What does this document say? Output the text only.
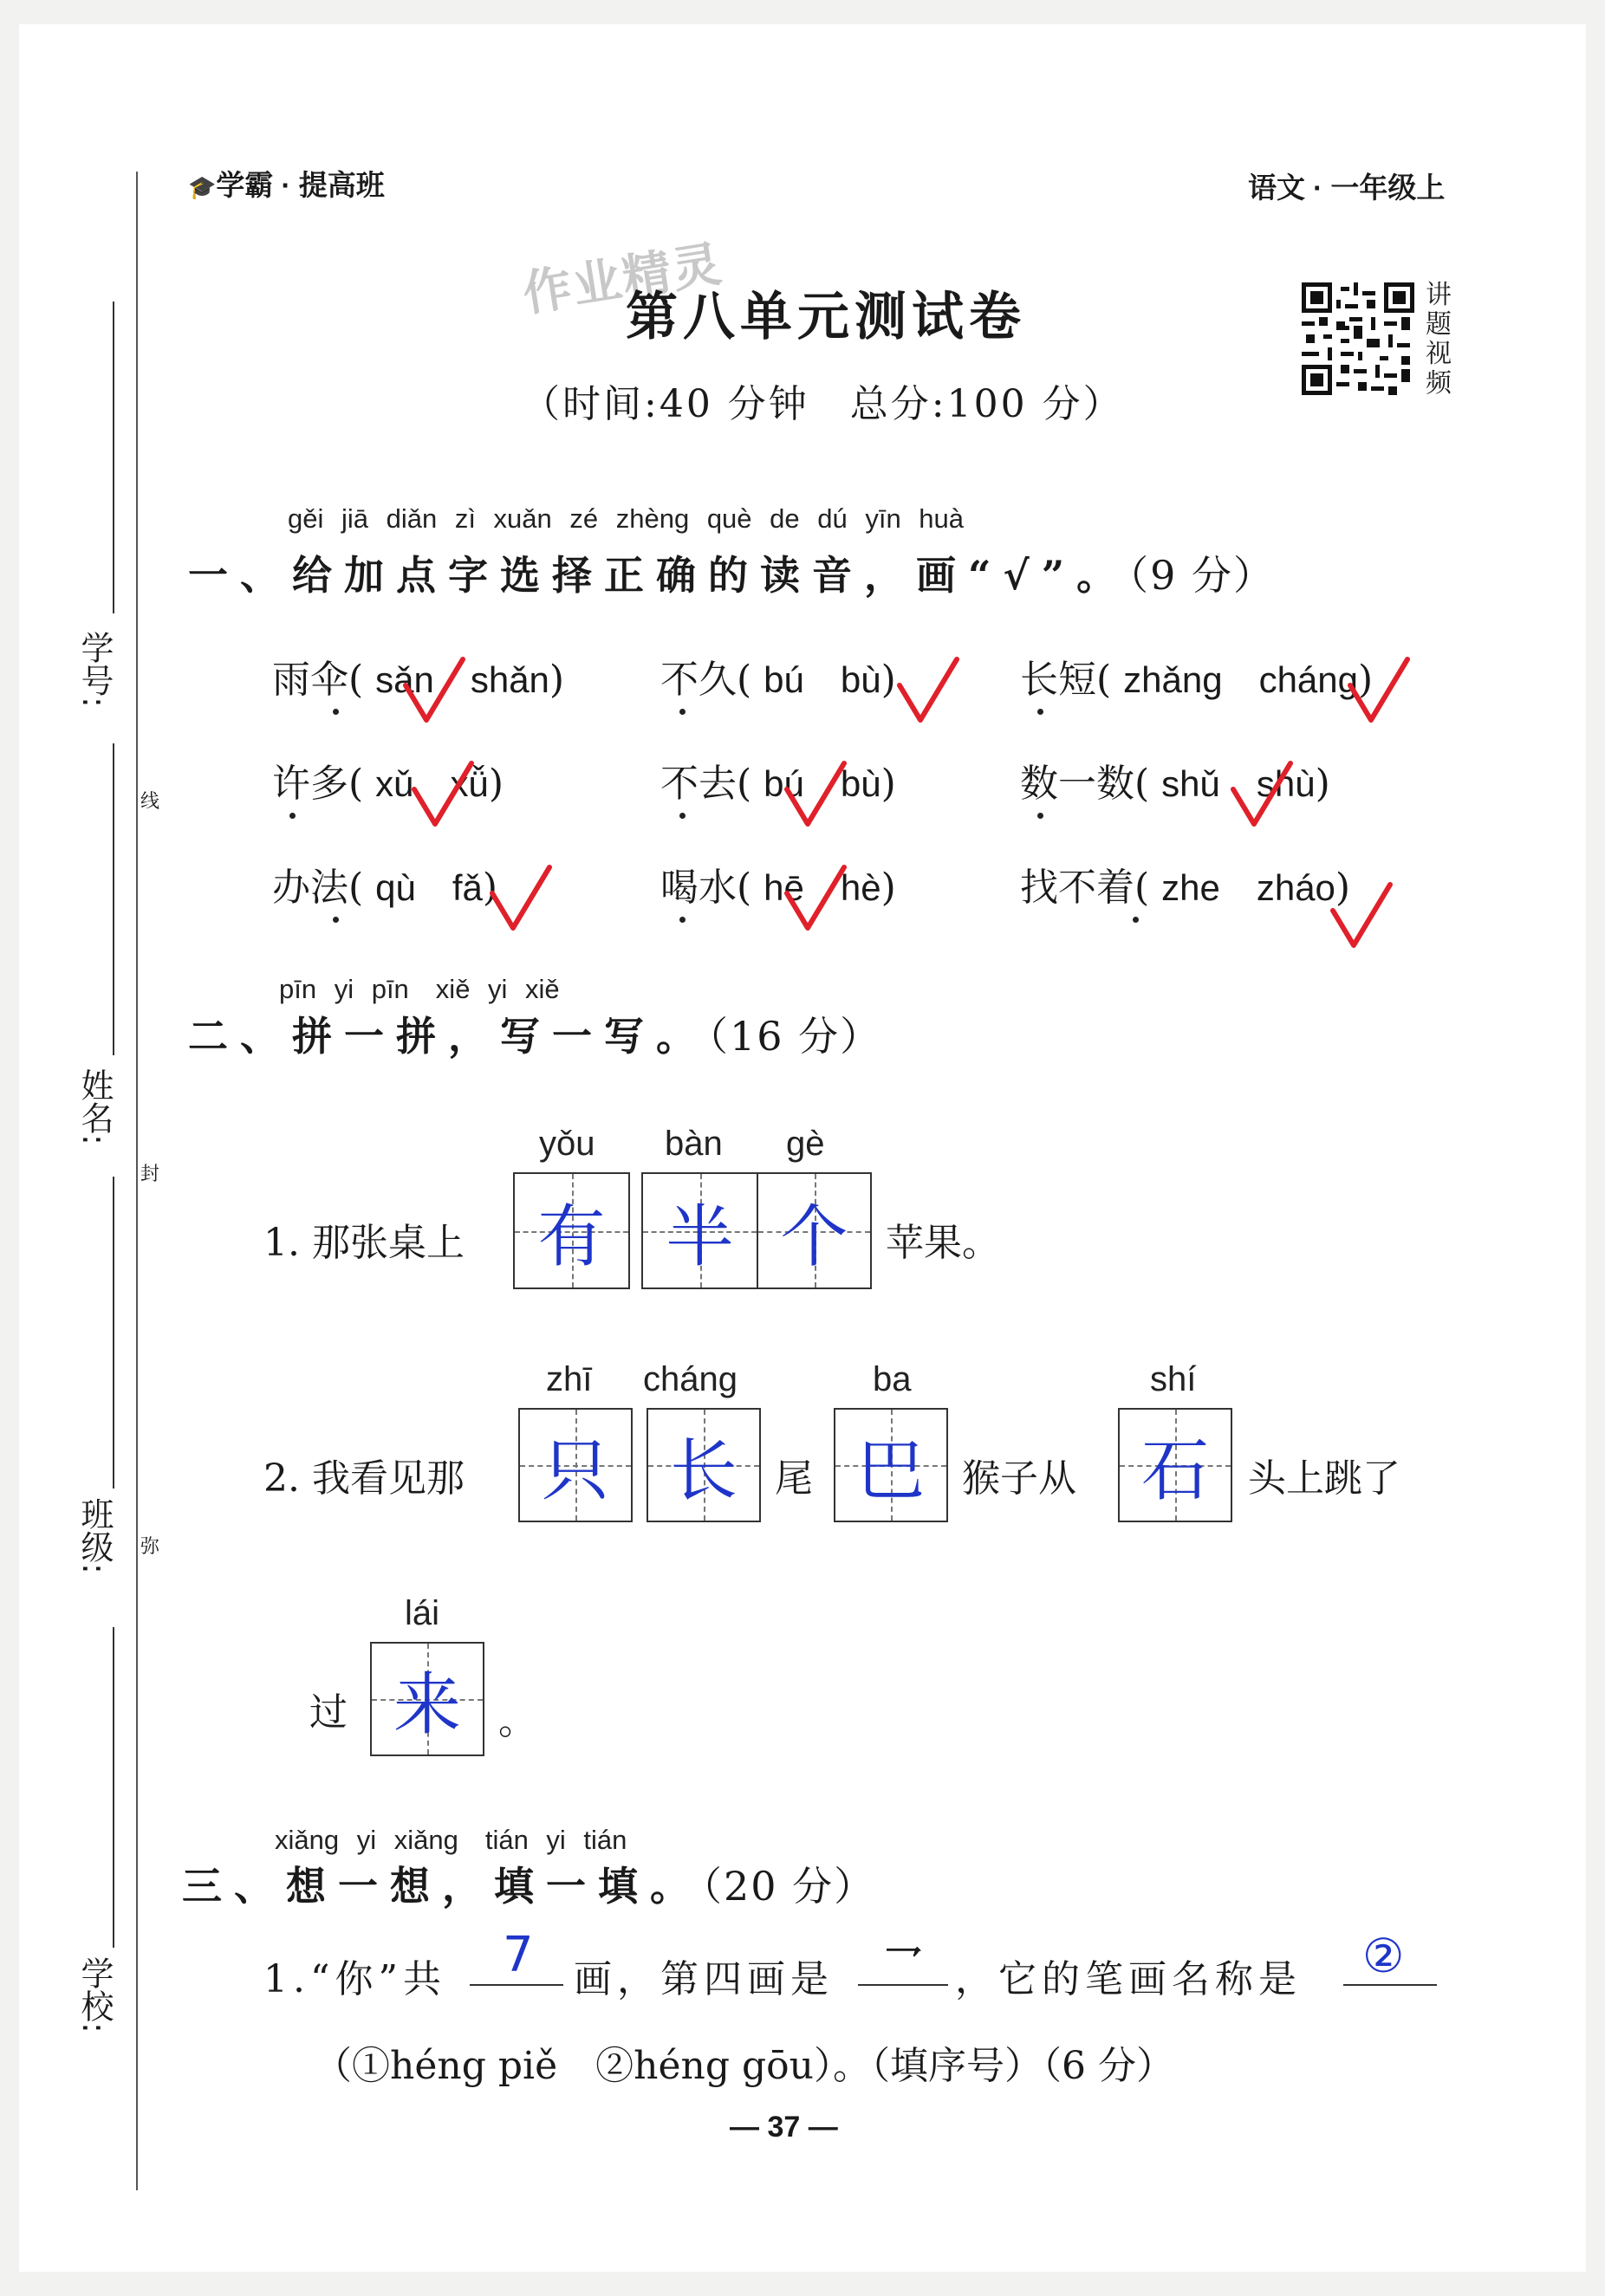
学号:
姓名:
班级:
学校:
线
封
弥
🎓学霸 · 提高班	语文 · 一年级上
作业精灵
第八单元测试卷
（时间:40 分钟　总分:100 分）
讲
题
视
频
gěi jiā diǎn zì xuǎn zé zhèng què de dú yīn huà
一、给加点字选择正确的读音，画“√”。（9 分）
雨伞( sǎn shǎn)	不久( bú bù)	长短( zhǎng cháng)
许多( xǔ xǚ)	不去( bú bù)	数一数( shǔ shù)
办法( qù fǎ)	喝水( hē hè)	找不着( zhe zháo)
pīn yi pīn　xiě yi xiě
二、拼一拼，写一写。（16 分）
yǒu bàn gè
1. 那张桌上	有 半 个 苹果。
zhī cháng	ba	shí
2. 我看见那	只 长 尾 巴 猴子从 石	头上跳了
lái
过 来 。
xiǎng yi xiǎng　tián yi tián
三、想一想，填一填。（20 分）
1.“你”共 7 画，第四画是 乛 ，它的笔画名称是 ②
（①héng piě　②héng gōu）。（填序号）（6 分）
— 37 —
